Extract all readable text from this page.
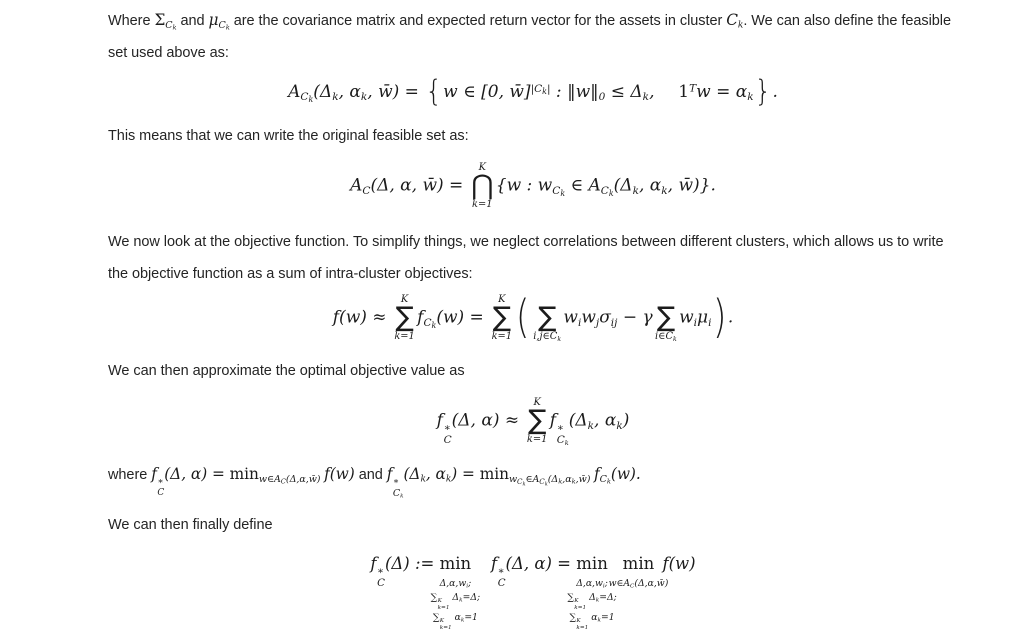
Where $\Sigma_{C_k}$ and $\mu_{C_k}$ are the covariance matrix and expected return vector for the assets in cluster $C_k$. We can also define the feasible set used above as:

$A_{C_k}(\Delta_k$, $\alpha_k$, w̄) = {w ∈ [0, w̄]$^{|C_k|}$ : $‖w‖_0 \le \Delta_k$, $1^Tw = \alpha_k$}.

This means that we can write the original feasible set as:

$A_C(\Delta$, α, w̄) =
K
⋂
k=1
{w : $w_{C_k}$ ∈ $A_{C_k}(\Delta_k$, $\alpha_k$, w̄)}.

We now look at the objective function. To simplify things, we neglect correlations between different clusters, which allows us to write the objective function as a sum of intra-cluster objectives:

f(w) ≈
K
∑
k=1
$f_{C_k}(w)$ =
K
∑
k=1 ( ∑
$i,j\in C_k$
$w_iw_j\sigma_{ij} - \gamma$ ∑
$i\in C_k$
$w_i\mu_i$).

We can then approximate the optimal objective value as

f ∗
C
(Δ, α) ≈
K
∑
k=1
f ∗
$C_k$
($\Delta_k$, $\alpha_k$)

where f ∗
C
(Δ, $\alpha) = \min_{w\in A_C(\Delta,\alpha,w̄)} f(w)$ and f ∗
$C_k$
($\Delta_k$, $\alpha_k) = \min_{w_{C_k}\in A_{C_k}(\Delta_k,\alpha_k,w̄)} f_{C_k}(w)$.

We can then finally define

f ∗
C
(Δ) := min
$\Delta,\alpha,w_i$;
∑ K
k=1
$\Delta_k=\Delta$;
∑ K
k=1
$\alpha_k=1$
f ∗
C
(Δ, α) = min
$\Delta,\alpha,w_i$;
∑ K
k=1
$\Delta_k=\Delta$;
∑ K
k=1
$\alpha_k=1$
min
$w\in A_C(\Delta,\alpha,w̄)$
f(w)
